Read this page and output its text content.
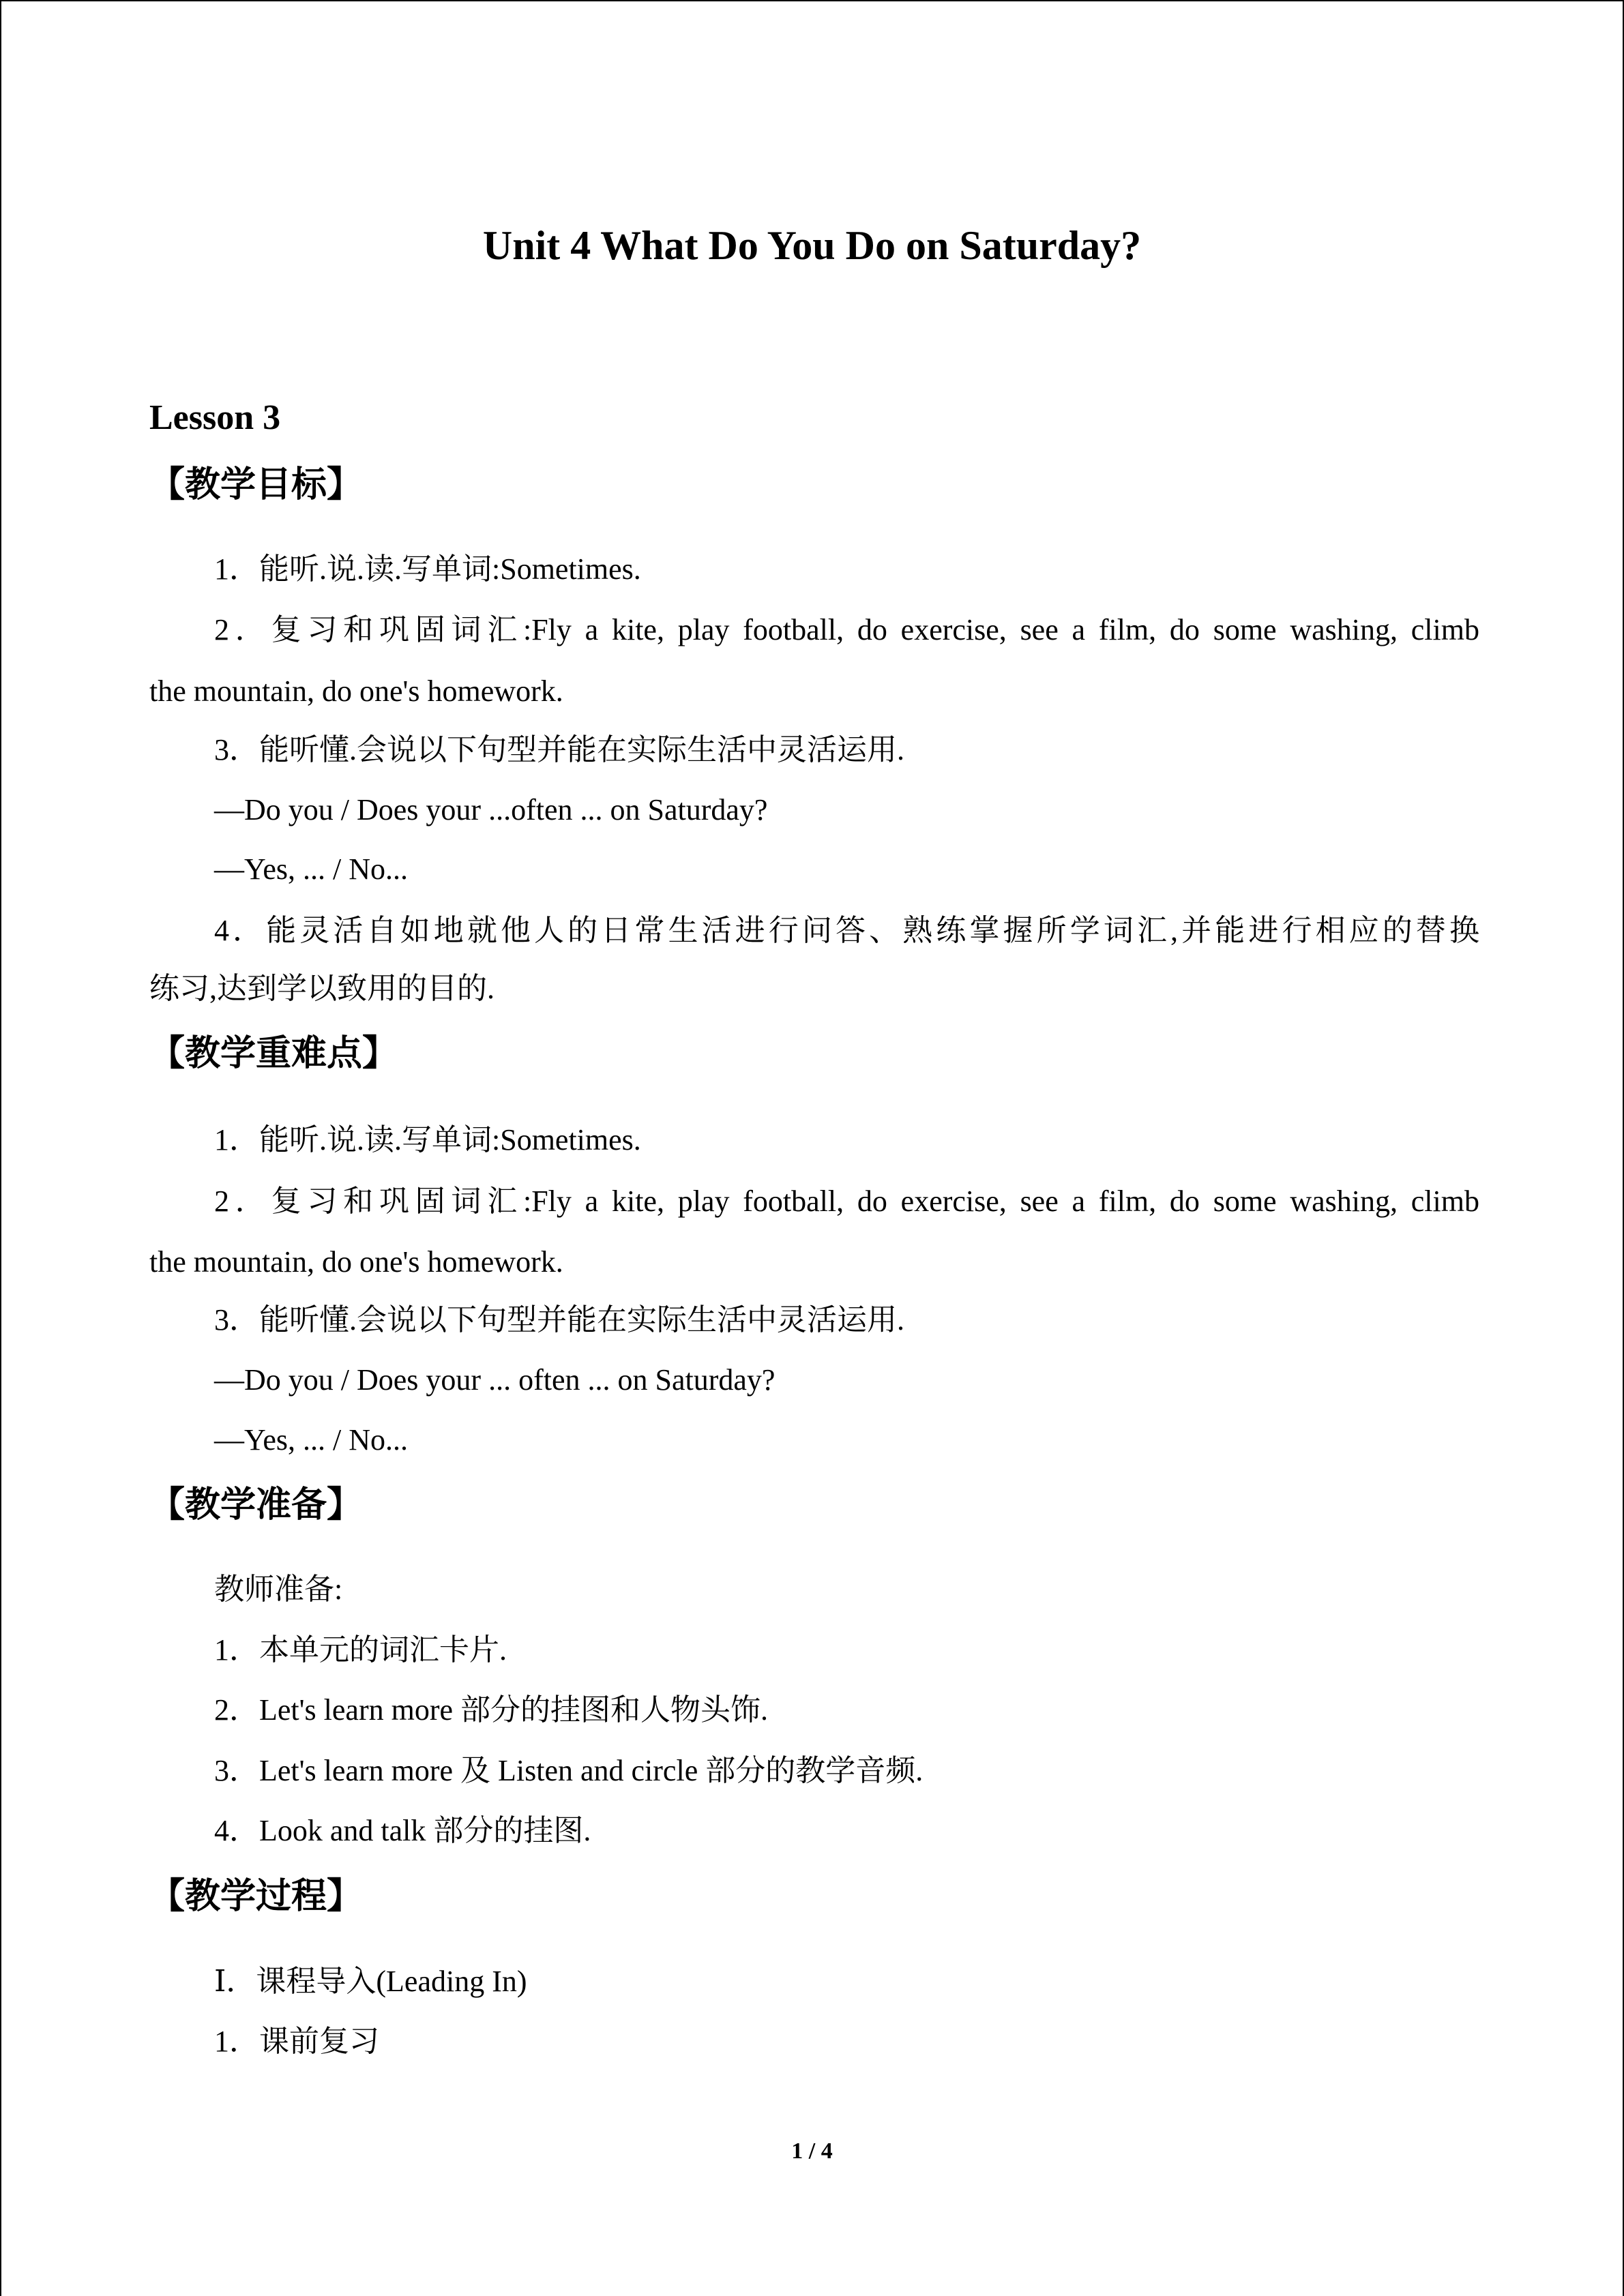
Unit 4 What Do You Do on Saturday?
Lesson 3
【教学目标】
1．能听.说.读.写单词:Sometimes.
2．复习和巩固词汇:Fly a kite, play football, do exercise, see a film, do some washing, climb
the mountain, do one's homework.
3．能听懂.会说以下句型并能在实际生活中灵活运用.
—Do you / Does your ...often ... on Saturday?
—Yes, ... / No...
4．能灵活自如地就他人的日常生活进行问答、熟练掌握所学词汇,并能进行相应的替换
练习,达到学以致用的目的.
【教学重难点】
1．能听.说.读.写单词:Sometimes.
2．复习和巩固词汇:Fly a kite, play football, do exercise, see a film, do some washing, climb
the mountain, do one's homework.
3．能听懂.会说以下句型并能在实际生活中灵活运用.
—Do you / Does your ... often ... on Saturday?
—Yes, ... / No...
【教学准备】
教师准备:
1．本单元的词汇卡片.
2．Let's learn more 部分的挂图和人物头饰.
3．Let's learn more 及 Listen and circle 部分的教学音频.
4．Look and talk 部分的挂图.
【教学过程】
Ⅰ．课程导入(Leading In)
1．课前复习
1 / 4
